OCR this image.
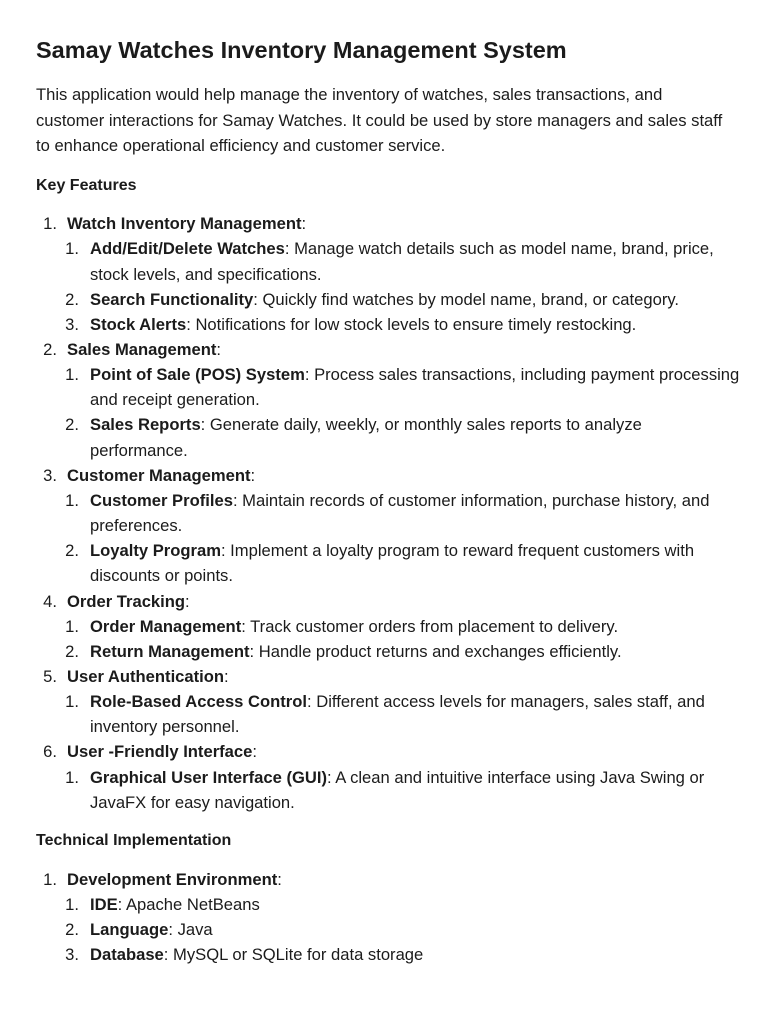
Samay Watches Inventory Management System

This application would help manage the inventory of watches, sales transactions, and customer interactions for Samay Watches. It could be used by store managers and sales staff to enhance operational efficiency and customer service.

Key Features
Watch Inventory Management:
Add/Edit/Delete Watches: Manage watch details such as model name, brand, price, stock levels, and specifications.
Search Functionality: Quickly find watches by model name, brand, or category.
Stock Alerts: Notifications for low stock levels to ensure timely restocking.
Sales Management:
Point of Sale (POS) System: Process sales transactions, including payment processing and receipt generation.
Sales Reports: Generate daily, weekly, or monthly sales reports to analyze performance.
Customer Management:
Customer Profiles: Maintain records of customer information, purchase history, and preferences.
Loyalty Program: Implement a loyalty program to reward frequent customers with discounts or points.
Order Tracking:
Order Management: Track customer orders from placement to delivery.
Return Management: Handle product returns and exchanges efficiently.
User Authentication:
Role-Based Access Control: Different access levels for managers, sales staff, and inventory personnel.
User -Friendly Interface:
Graphical User Interface (GUI): A clean and intuitive interface using Java Swing or JavaFX for easy navigation.
Technical Implementation
Development Environment:
IDE: Apache NetBeans
Language: Java
Database: MySQL or SQLite for data storage
